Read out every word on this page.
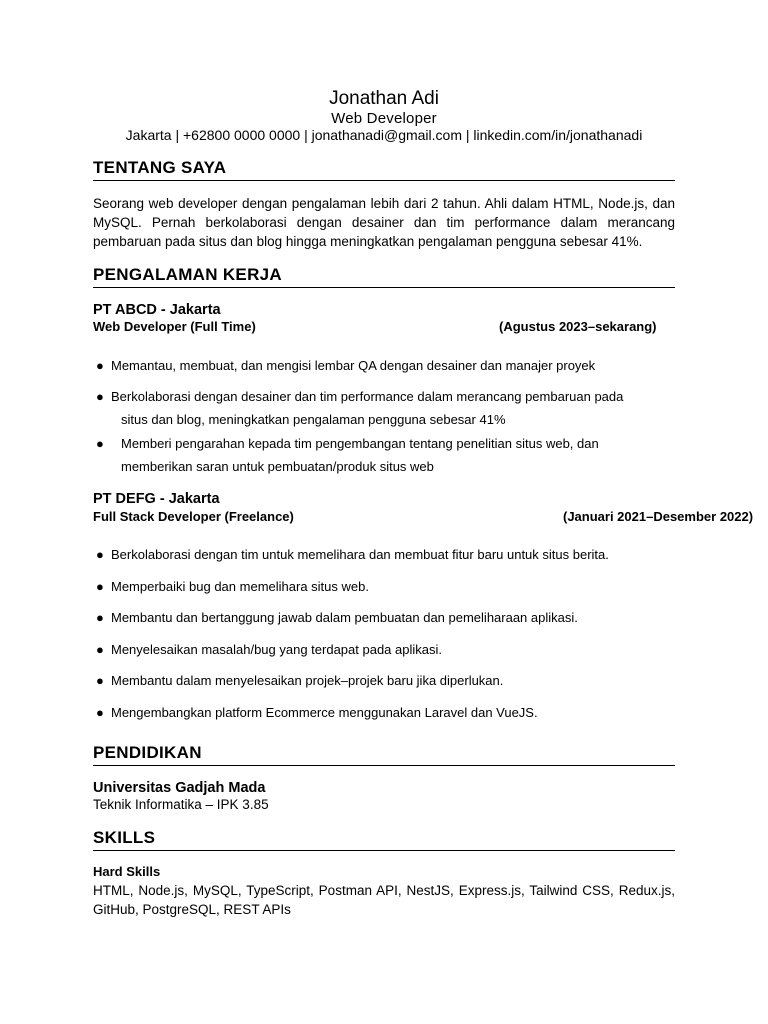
Jonathan Adi
Web Developer
Jakarta | +62800 0000 0000 | jonathanadi@gmail.com | linkedin.com/in/jonathanadi
TENTANG SAYA
Seorang web developer dengan pengalaman lebih dari 2 tahun. Ahli dalam HTML, Node.js, dan MySQL. Pernah berkolaborasi dengan desainer dan tim performance dalam merancang pembaruan pada situs dan blog hingga meningkatkan pengalaman pengguna sebesar 41%.
PENGALAMAN KERJA
PT ABCD - Jakarta
Web Developer (Full Time)	(Agustus 2023–sekarang)
● Memantau, membuat, dan mengisi lembar QA dengan desainer dan manajer proyek
● Berkolaborasi dengan desainer dan tim performance dalam merancang pembaruan pada
situs dan blog, meningkatkan pengalaman pengguna sebesar 41%
● Memberi pengarahan kepada tim pengembangan tentang penelitian situs web, dan
memberikan saran untuk pembuatan/produk situs web
PT DEFG - Jakarta
Full Stack Developer (Freelance)	(Januari 2021–Desember 2022)
● Berkolaborasi dengan tim untuk memelihara dan membuat fitur baru untuk situs berita.
● Memperbaiki bug dan memelihara situs web.
● Membantu dan bertanggung jawab dalam pembuatan dan pemeliharaan aplikasi.
● Menyelesaikan masalah/bug yang terdapat pada aplikasi.
● Membantu dalam menyelesaikan projek–projek baru jika diperlukan.
● Mengembangkan platform Ecommerce menggunakan Laravel dan VueJS.
PENDIDIKAN
Universitas Gadjah Mada
Teknik Informatika – IPK 3.85
SKILLS
Hard Skills
HTML, Node.js, MySQL, TypeScript, Postman API, NestJS, Express.js, Tailwind CSS, Redux.js, GitHub, PostgreSQL, REST APIs
